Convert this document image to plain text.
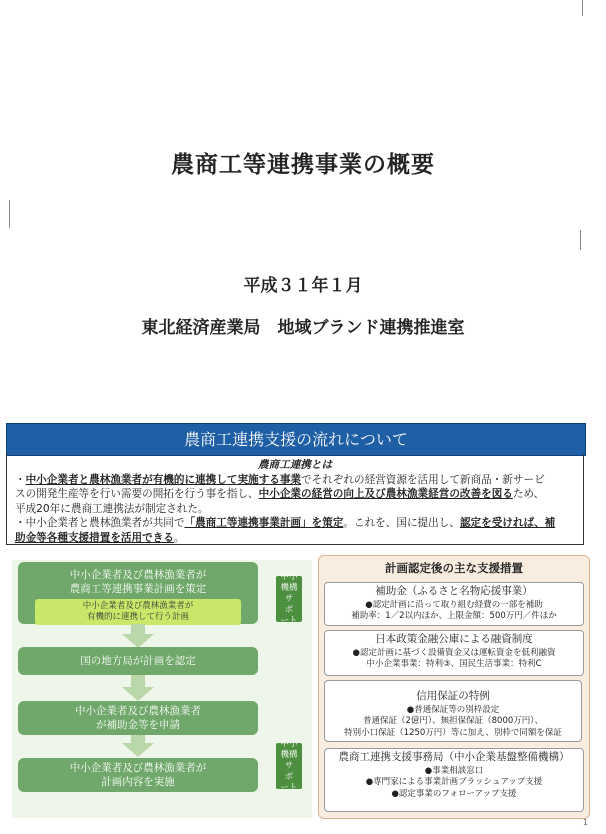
農商工等連携事業の概要
平成３１年１月
東北経済産業局　地域ブランド連携推進室
農商工連携支援の流れについて
農商工連携とは
・中小企業者と農林漁業者が有機的に連携して実施する事業でそれぞれの経営資源を活用して新商品・新サービ
スの開発生産等を行い需要の開拓を行う事を指し、中小企業の経営の向上及び農林漁業経営の改善を図るため、
平成20年に農商工連携法が制定された。
・中小企業者と農林漁業者が共同で「農商工等連携事業計画」を策定。これを、国に提出し、認定を受ければ、補
助金等各種支援措置を活用できる。
中小企業者及び農林漁業者が
農商工等連携事業計画を策定
中小企業者及び農林漁業者が
有機的に連携して行う計画
国の地方局が計画を認定
中小企業者及び農林漁業者
が補助金等を申請
中小企業者及び農林漁業者が
計画内容を実施
中小
機構
サ
ポ
ート
中小
機構
サ
ポ
ート
計画認定後の主な支援措置
補助金（ふるさと名物応援事業）
●認定計画に沿って取り組む経費の一部を補助
補助率：1／2以内ほか、上限金額：500万円／件ほか
日本政策金融公庫による融資制度
●認定計画に基づく設備資金又は運転資金を低利融資
中小企業事業：特利③、国民生活事業：特利C
信用保証の特例
●普通保証等の別枠設定
普通保証（2億円）、無担保保証（8000万円）、
特別小口保証（1250万円）等に加え、別枠で同額を保証
農商工連携支援事務局（中小企業基盤整備機構）
●事業相談窓口
●専門家による事業計画ブラッシュアップ支援
●認定事業のフォローアップ支援
1
